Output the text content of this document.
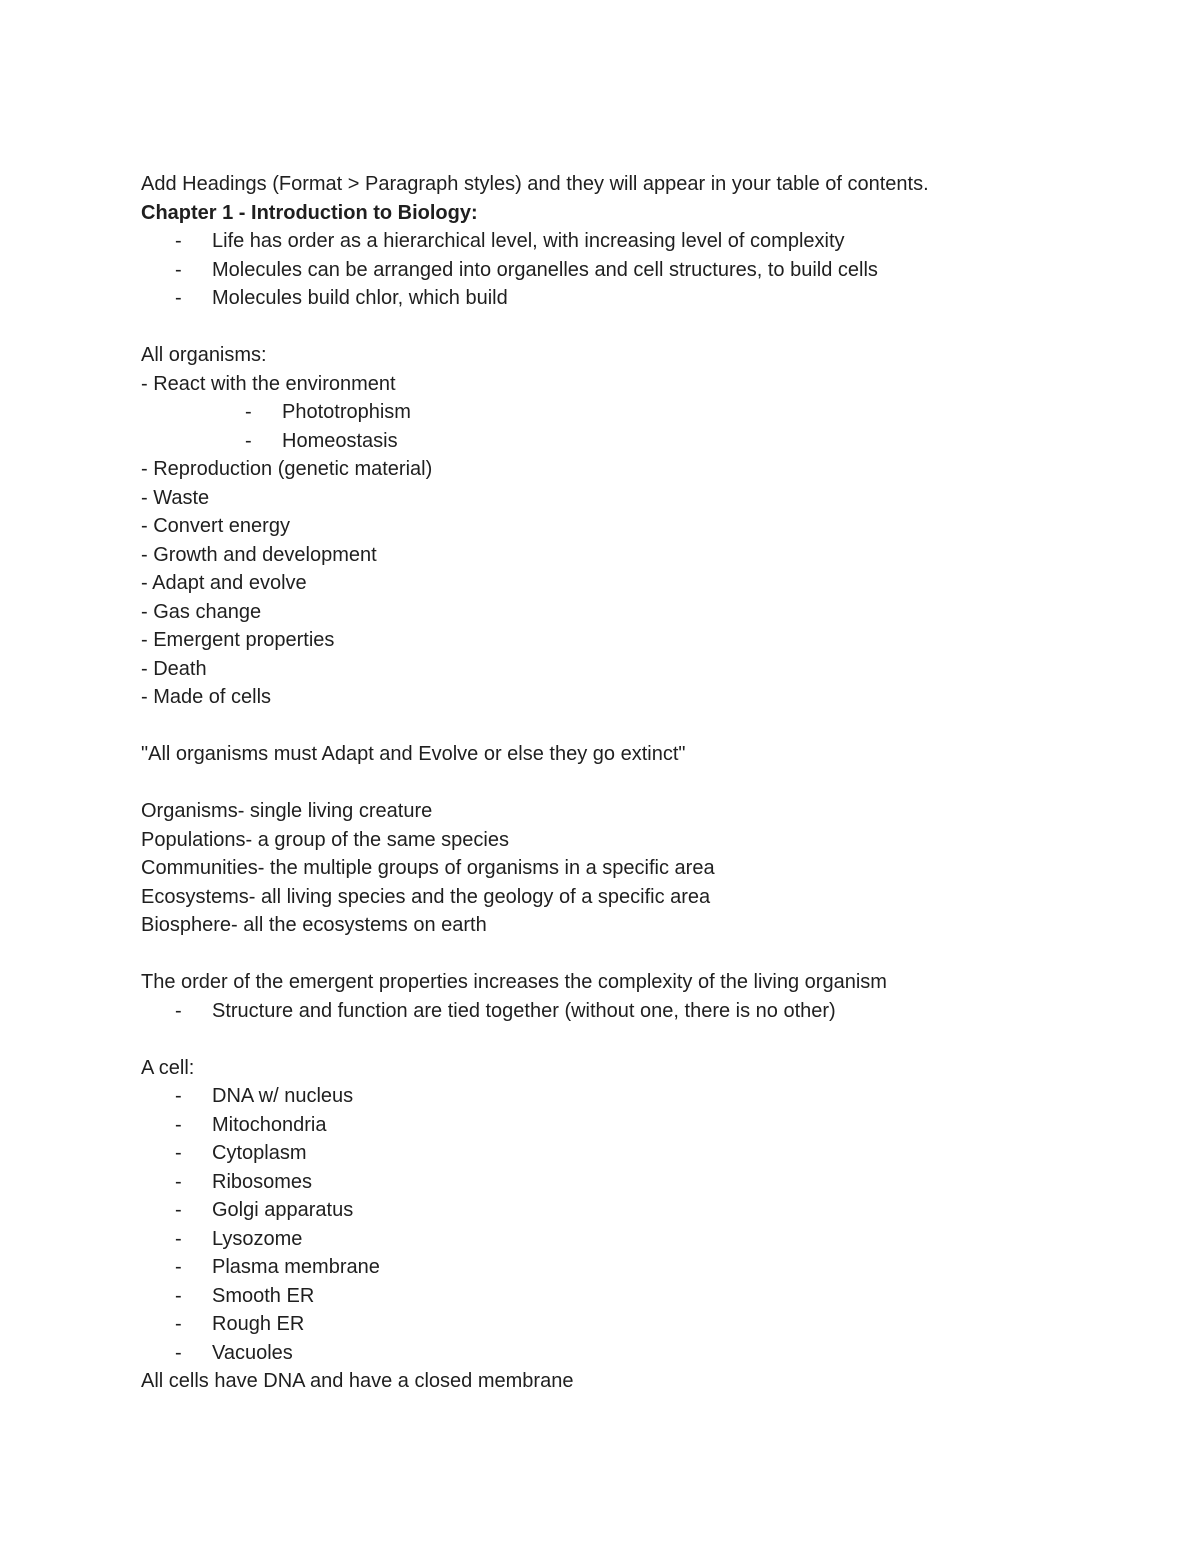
Add Headings (Format > Paragraph styles) and they will appear in your table of contents.
Chapter 1 - Introduction to Biology:
-	Life has order as a hierarchical level, with increasing level of complexity
-	Molecules can be arranged into organelles and cell structures, to build cells
-	Molecules build chlor, which build
All organisms:
- React with the environment
-	Phototrophism
-	Homeostasis
- Reproduction (genetic material)
- Waste
- Convert energy
- Growth and development
- Adapt and evolve
- Gas change
- Emergent properties
- Death
- Made of cells
"All organisms must Adapt and Evolve or else they go extinct"
Organisms- single living creature
Populations- a group of the same species
Communities- the multiple groups of organisms in a specific area
Ecosystems- all living species and the geology of a specific area
Biosphere- all the ecosystems on earth
The order of the emergent properties increases the complexity of the living organism
-	Structure and function are tied together (without one, there is no other)
A cell:
-	DNA w/ nucleus
-	Mitochondria
-	Cytoplasm
-	Ribosomes
-	Golgi apparatus
-	Lysozome
-	Plasma membrane
-	Smooth ER
-	Rough ER
-	Vacuoles
All cells have DNA and have a closed membrane
